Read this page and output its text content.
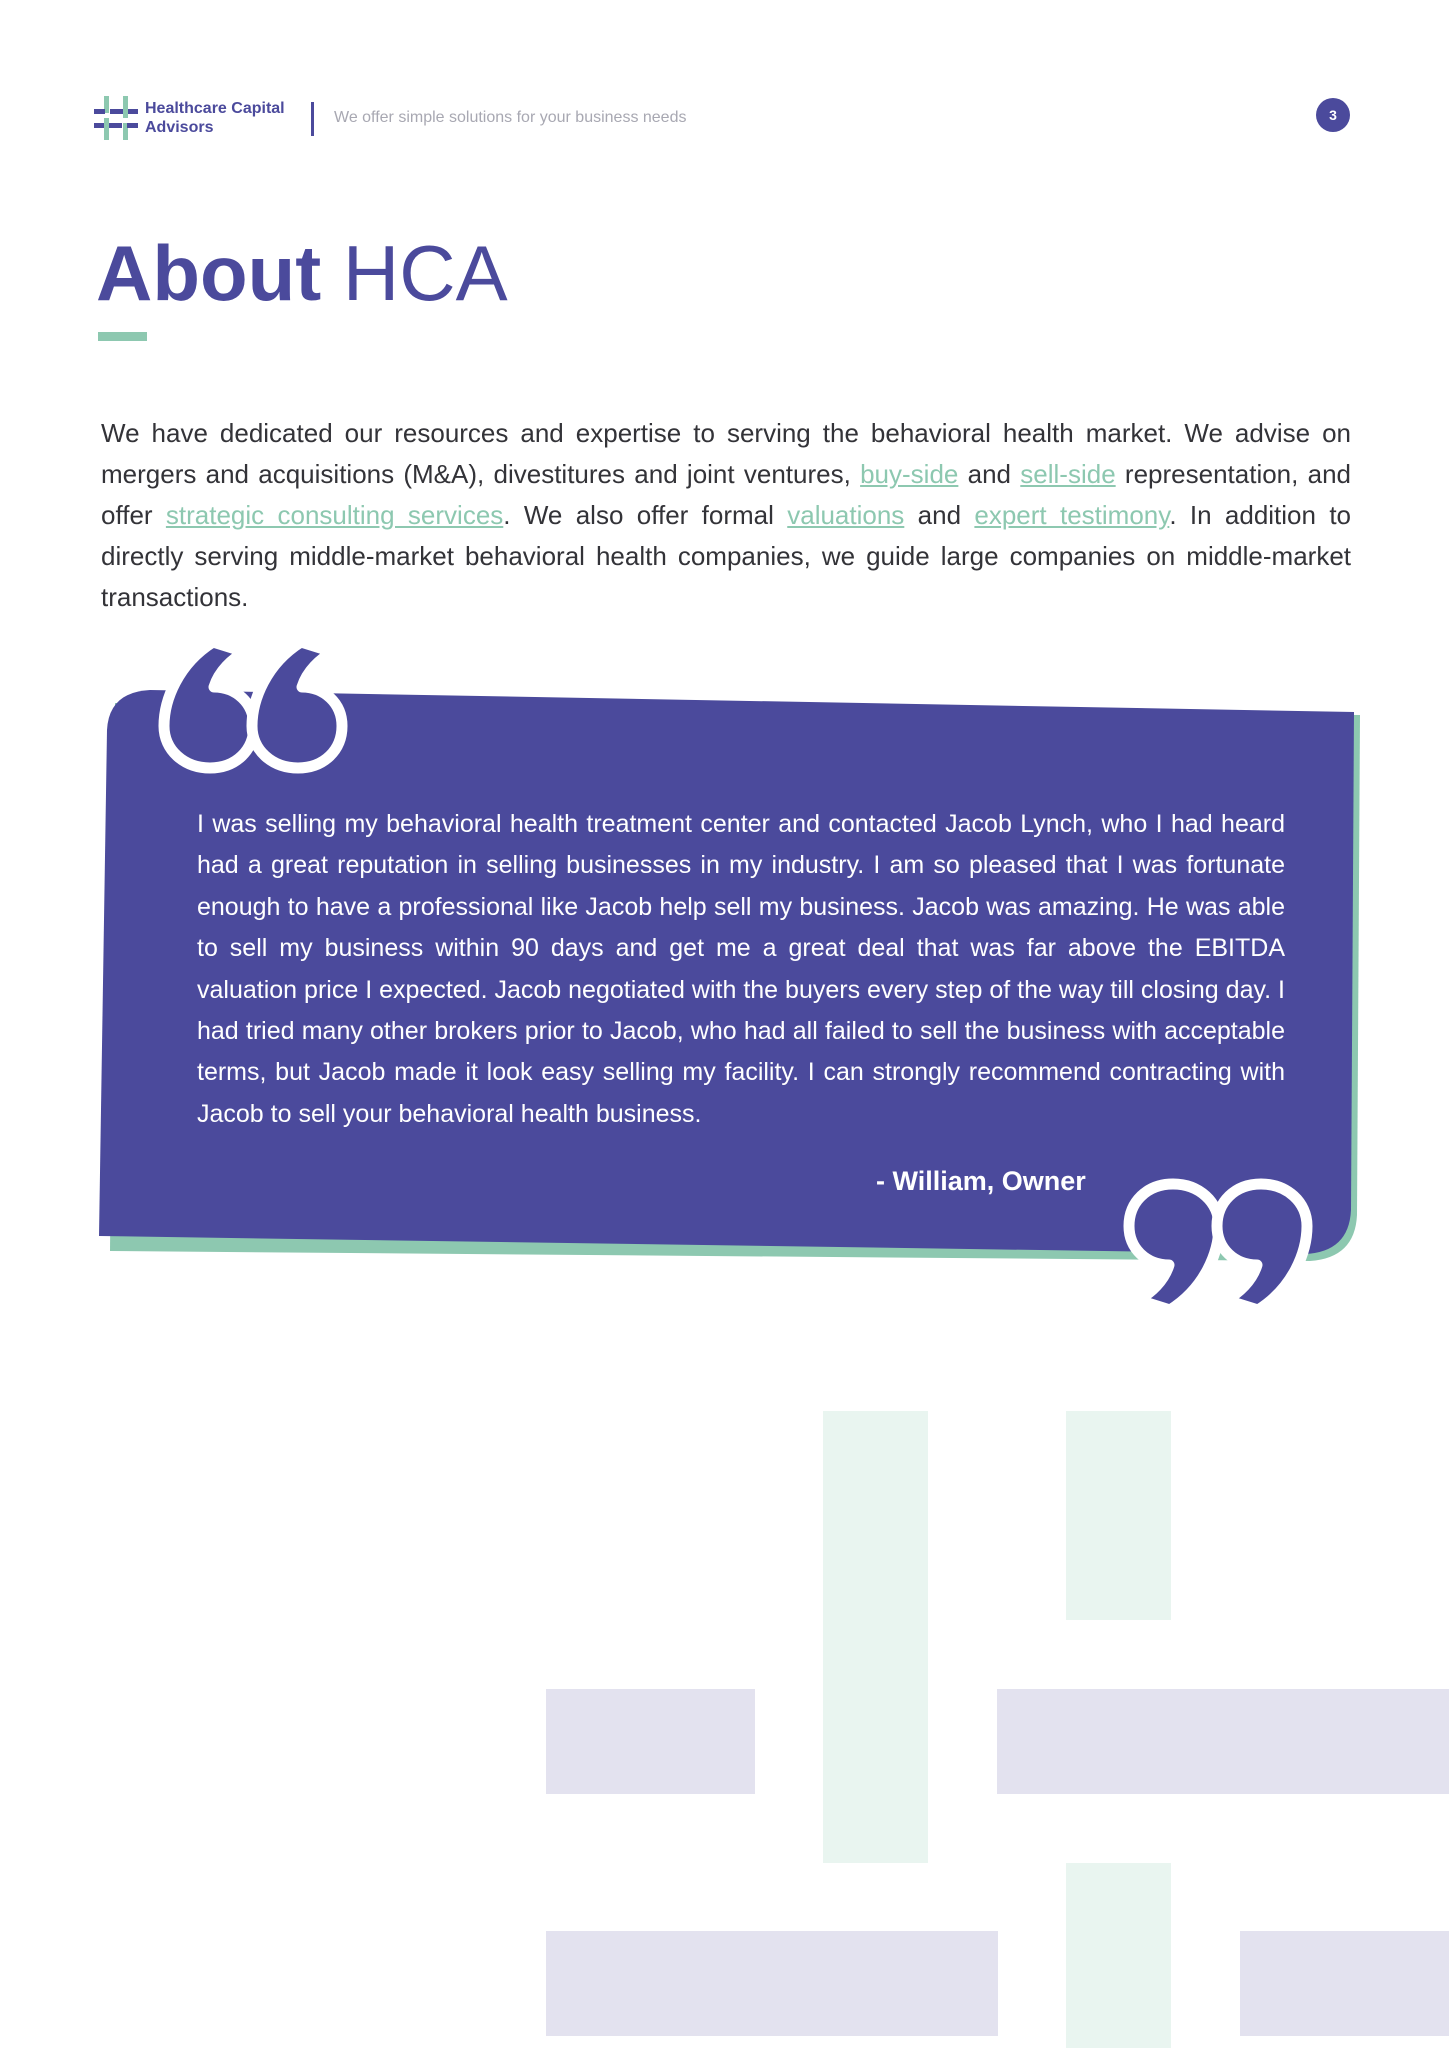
Healthcare Capital
Advisors
We offer simple solutions for your business needs	3
About HCA

We have dedicated our resources and expertise to serving the behavioral health market. We advise on mergers and acquisitions (M&A), divestitures and joint ventures, buy-side and sell-side representation, and offer strategic consulting services. We also offer formal valuations and expert testimony. In addition to directly serving middle-market behavioral health companies, we guide large companies on middle-market transactions.

I was selling my behavioral health treatment center and contacted Jacob Lynch, who I had heard had a great reputation in selling businesses in my industry. I am so pleased that I was fortunate enough to have a professional like Jacob help sell my business. Jacob was amazing. He was able to sell my business within 90 days and get me a great deal that was far above the EBITDA valuation price I expected. Jacob negotiated with the buyers every step of the way till closing day. I had tried many other brokers prior to Jacob, who had all failed to sell the business with acceptable terms, but Jacob made it look easy selling my facility. I can strongly recommend contracting with Jacob to sell your behavioral health business.

- William, Owner
